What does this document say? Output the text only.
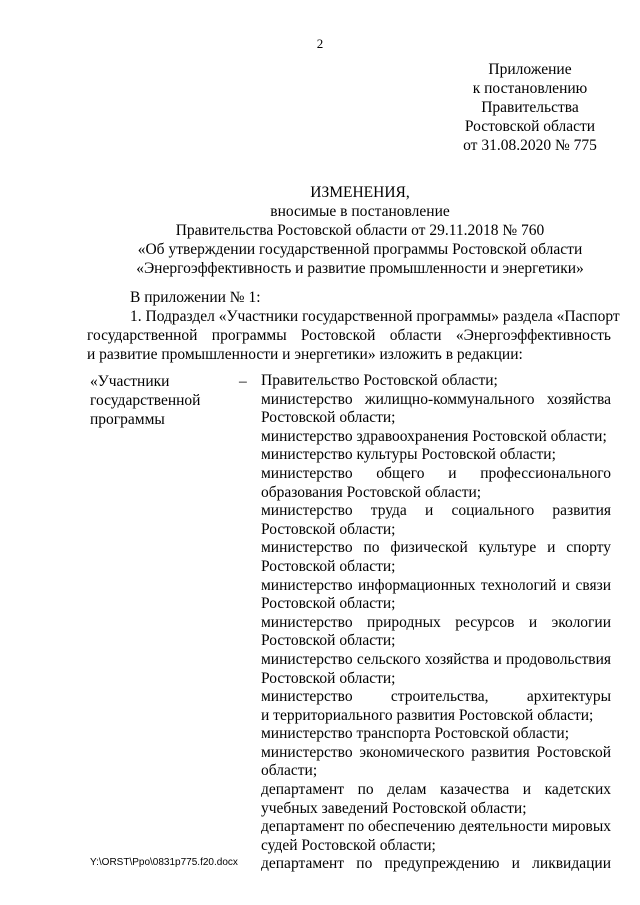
2
Приложение
к постановлению
Правительства
Ростовской области
от 31.08.2020 № 775
ИЗМЕНЕНИЯ,
вносимые в постановление
Правительства Ростовской области от 29.11.2018 № 760
«Об утверждении государственной программы Ростовской области
«Энергоэффективность и развитие промышленности и энергетики»
В приложении № 1:
1. Подраздел «Участники государственной программы» раздела «Паспорт
государственной программы Ростовской области «Энергоэффективность
и развитие промышленности и энергетики» изложить в редакции:
«Участники
государственной
программы
– Правительство Ростовской области;
министерство жилищно-коммунального хозяйства
Ростовской области;
министерство здравоохранения Ростовской области;
министерство культуры Ростовской области;
министерство общего и профессионального
образования Ростовской области;
министерство труда и социального развития
Ростовской области;
министерство по физической культуре и спорту
Ростовской области;
министерство информационных технологий и связи
Ростовской области;
министерство природных ресурсов и экологии
Ростовской области;
министерство сельского хозяйства и продовольствия
Ростовской области;
министерство строительства, архитектуры
и территориального развития Ростовской области;
министерство транспорта Ростовской области;
министерство экономического развития Ростовской
области;
департамент по делам казачества и кадетских
учебных заведений Ростовской области;
департамент по обеспечению деятельности мировых
судей Ростовской области;
департамент по предупреждению и ликвидации
Y:\ORST\Ppo\0831p775.f20.docx
